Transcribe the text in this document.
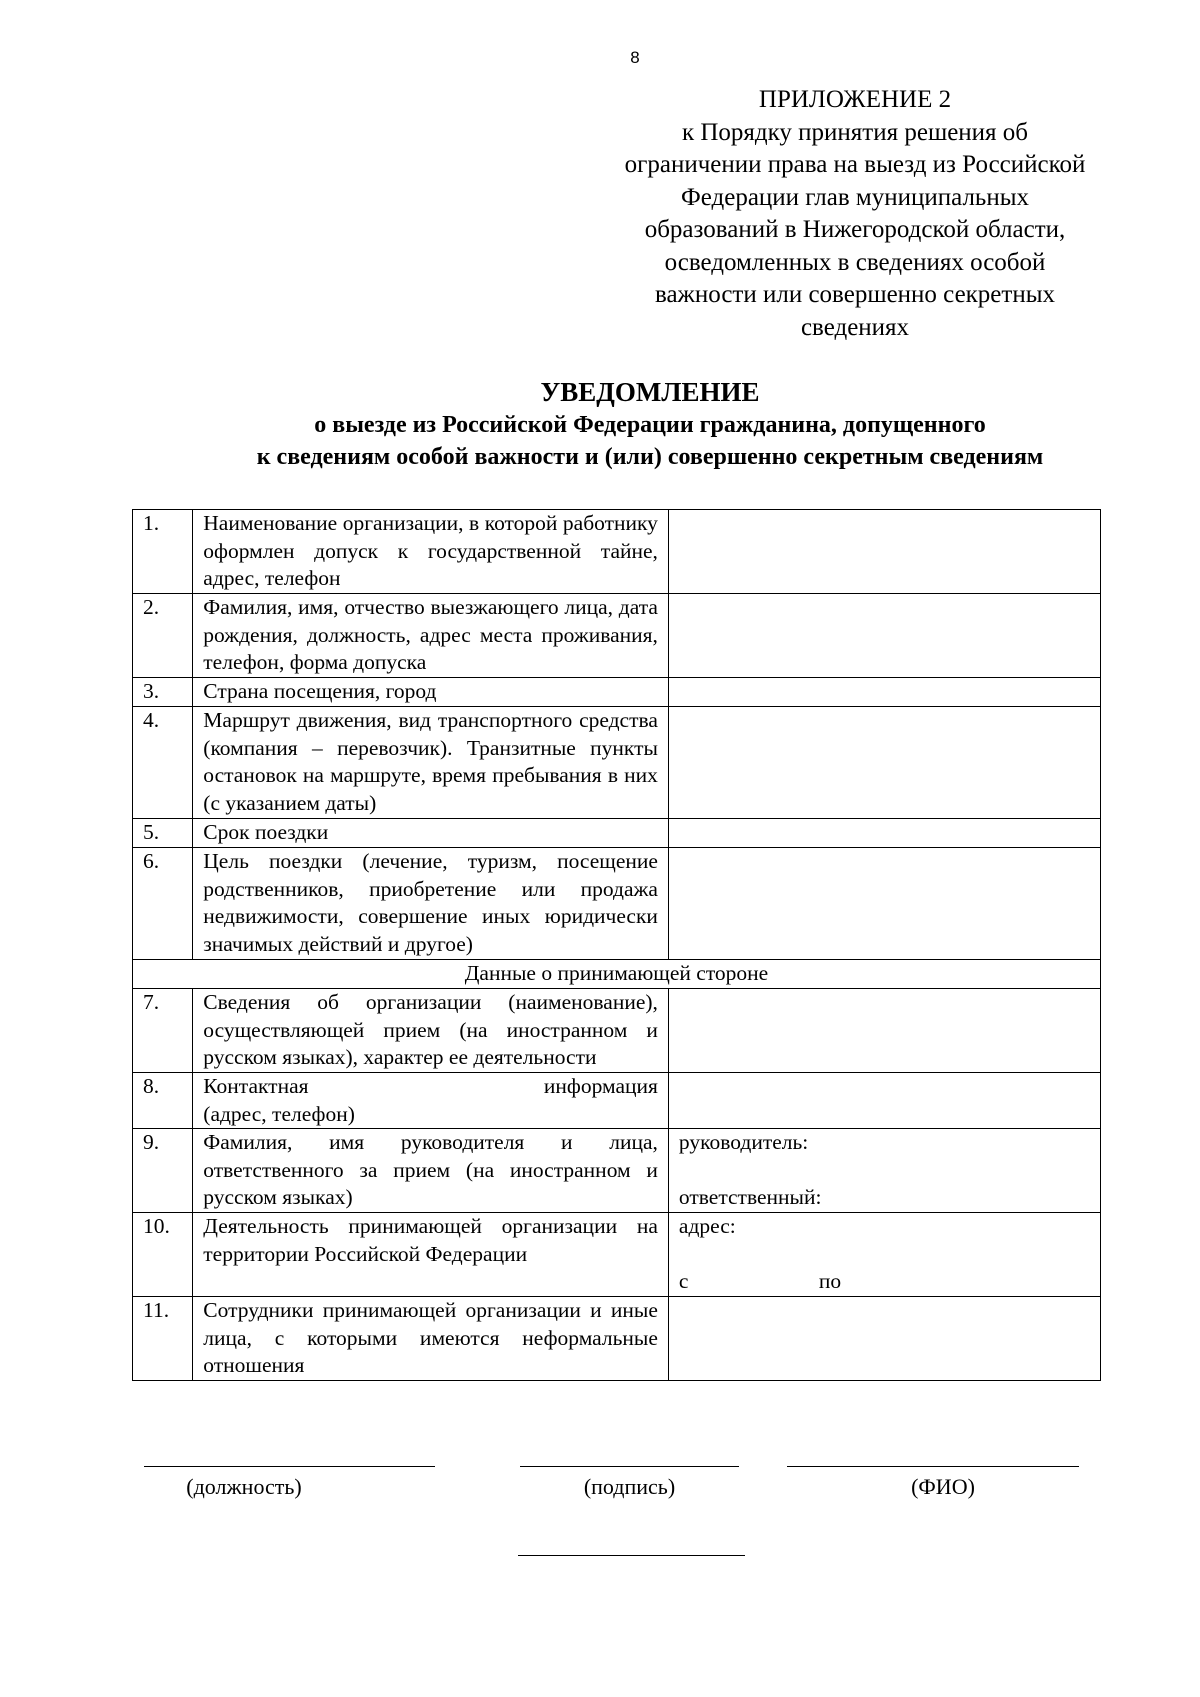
8
ПРИЛОЖЕНИЕ 2
к Порядку принятия решения об
ограничении права на выезд из Российской
Федерации глав муниципальных
образований в Нижегородской области,
осведомленных в сведениях особой
важности или совершенно секретных
сведениях
УВЕДОМЛЕНИЕ
о выезде из Российской Федерации гражданина, допущенного
к сведениям особой важности и (или) совершенно секретным сведениям
1.	Наименование организации, в которой работнику оформлен допуск к государственной тайне, адрес, телефон	
2.	Фамилия, имя, отчество выезжающего лица, дата рождения, должность, адрес места проживания, телефон, форма допуска	
3.	Страна посещения, город	
4.	Маршрут движения, вид транспортного средства (компания – перевозчик). Транзитные пункты остановок на маршруте, время пребывания в них (с указанием даты)	
5.	Срок поездки	
6.	Цель поездки (лечение, туризм, посещение родственников, приобретение или продажа недвижимости, совершение иных юридически значимых действий и другое)	
Данные о принимающей стороне		
7.	Сведения об организации (наименование), осуществляющей прием (на иностранном и русском языках), характер ее деятельности	
8.	Контактная информация
(адрес, телефон)	

9.	Фамилия, имя руководителя и лица, ответственного за прием (на иностранном и русском языках)	руководитель:

ответственный:

10.	Деятельность принимающей организации на территории Российской Федерации	адрес:

с по

11.	Сотрудники принимающей организации и иные лица, с которыми имеются неформальные отношения	
(должность)	(подпись)	(ФИО)
